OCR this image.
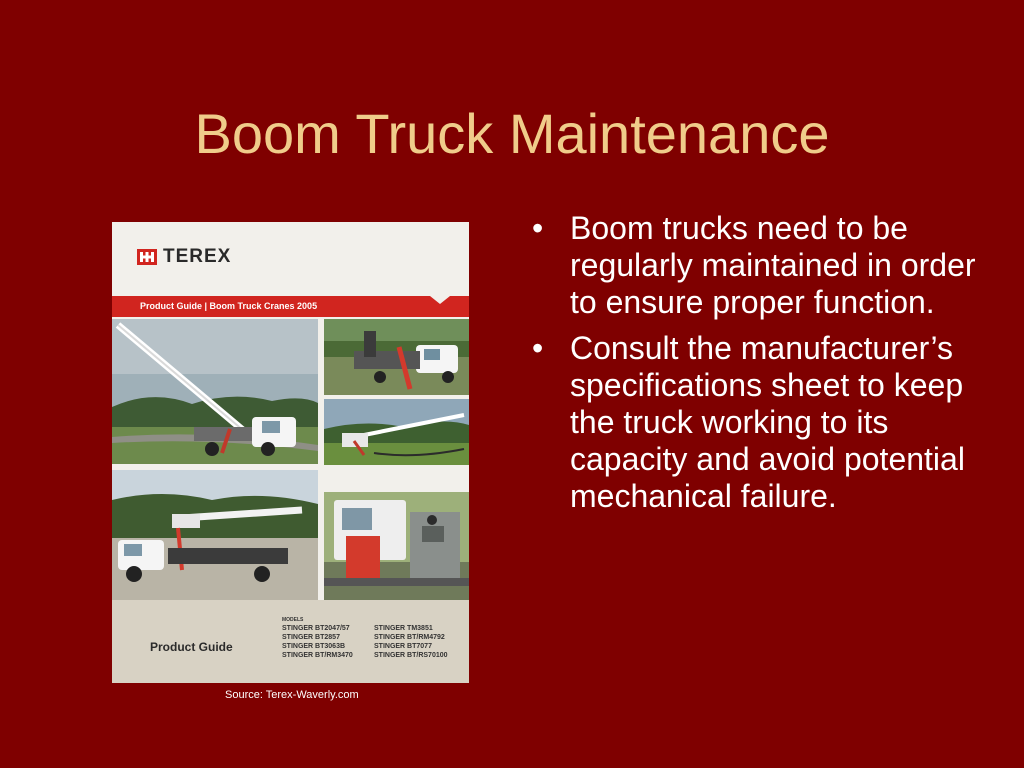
Boom Truck Maintenance
TEREX
Product Guide | Boom Truck Cranes 2005
Product Guide
MODELS
STINGER BT2047/57	STINGER TM3851
STINGER BT2857	STINGER BT/RM4792
STINGER BT3063B	STINGER BT7077
STINGER BT/RM3470	STINGER BT/RS70100
Source: Terex-Waverly.com
• Boom trucks need to be regularly maintained in order to ensure proper function.
• Consult the manufacturer’s specifications sheet to keep the truck working to its capacity and avoid potential mechanical failure.
